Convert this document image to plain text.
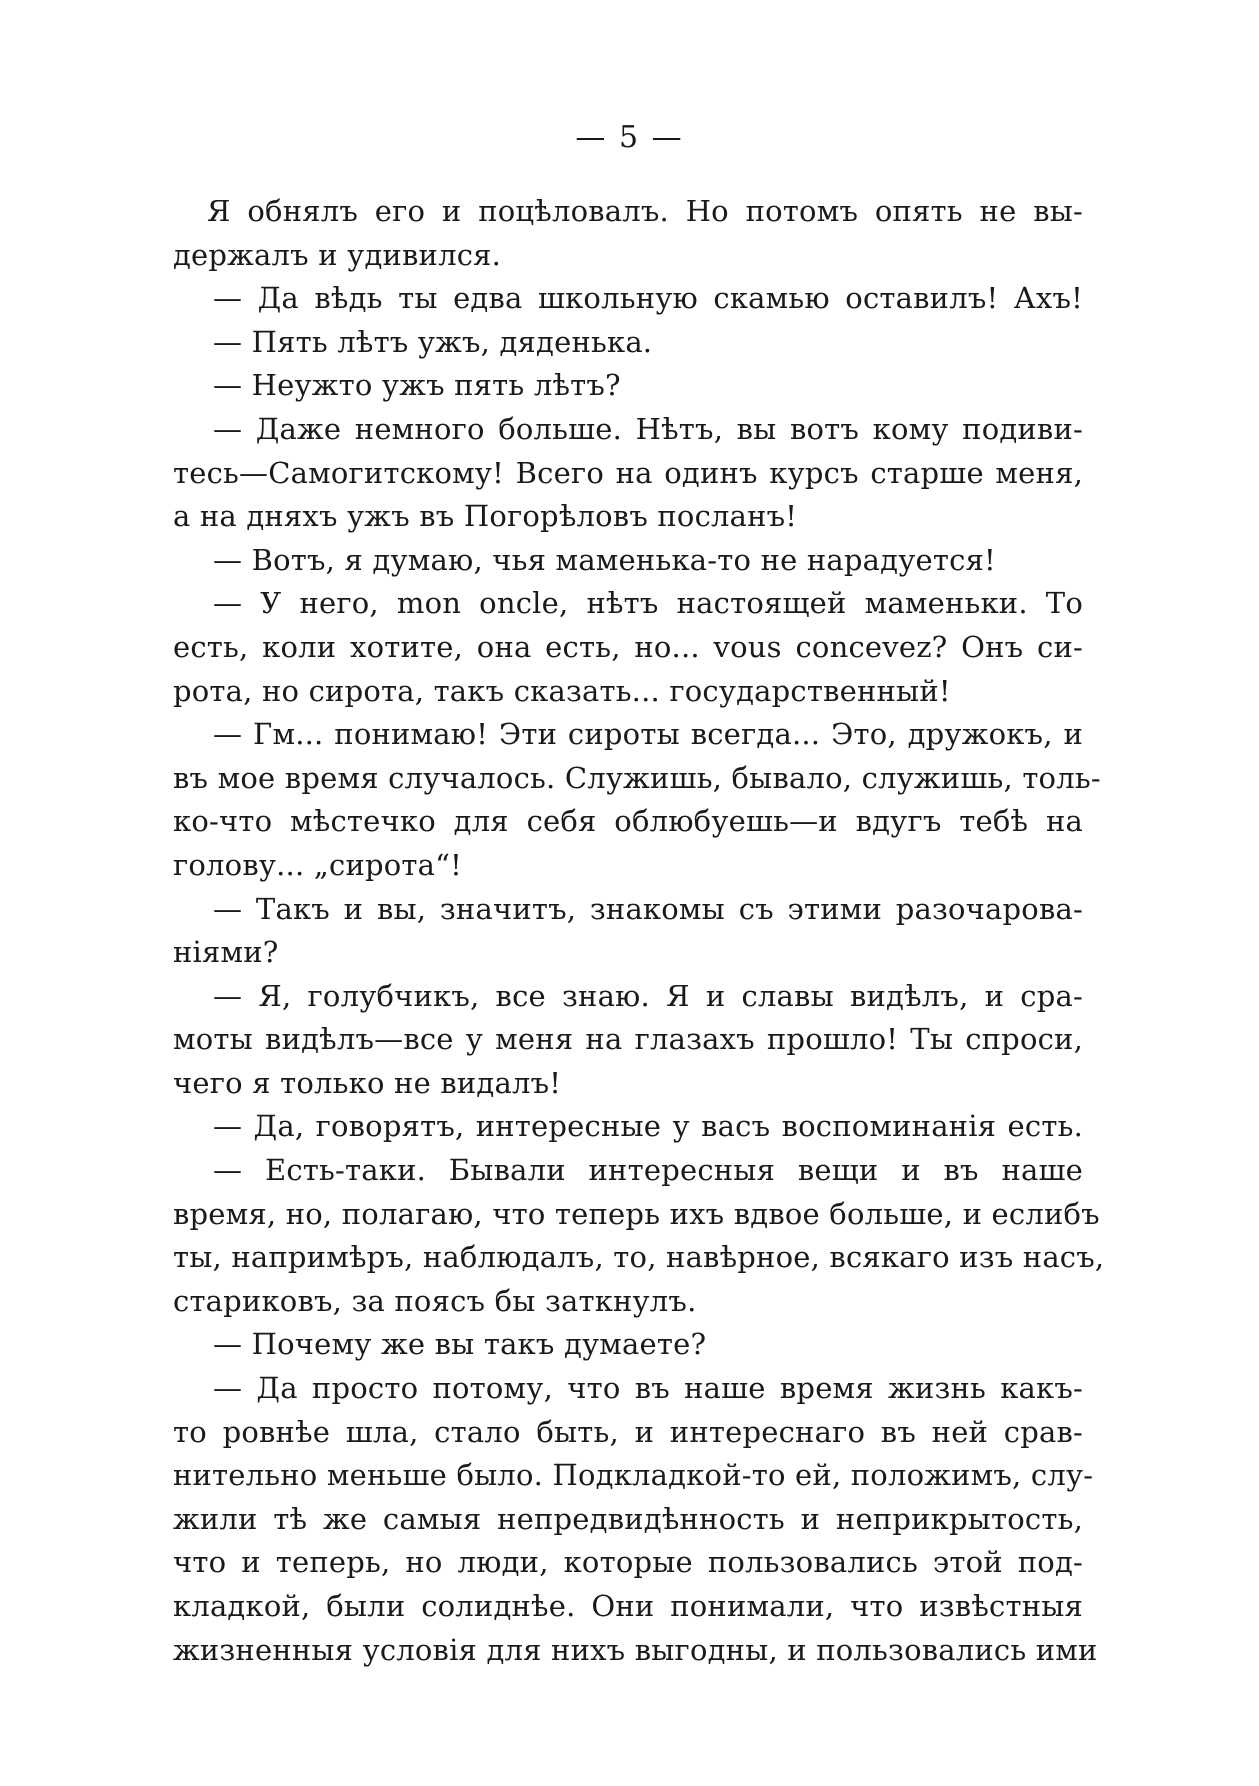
— 5 —
Я обнялъ его и поцѣловалъ. Но потомъ опять не вы-
держалъ и удивился.
— Да вѣдь ты едва школьную скамью оставилъ! Ахъ!
— Пять лѣтъ ужъ, дяденька.
— Неужто ужъ пять лѣтъ?
— Даже немного больше. Нѣтъ, вы вотъ кому подиви-
тесь—Самогитскому! Всего на одинъ курсъ старше меня,
а на дняхъ ужъ въ Погорѣловъ посланъ!
— Вотъ, я думаю, чья маменька-то не нарадуется!
— У него, mon oncle, нѣтъ настоящей маменьки. То
есть, коли хотите, она есть, но... vous concevez? Онъ си-
рота, но сирота, такъ сказать... государственный!
— Гм... понимаю! Эти сироты всегда... Это, дружокъ, и
въ мое время случалось. Служишь, бывало, служишь, толь-
ко-что мѣстечко для себя облюбуешь—и вдугъ тебѣ на
голову... „сирота“!
— Такъ и вы, значитъ, знакомы съ этими разочарова-
ніями?
— Я, голубчикъ, все знаю. Я и славы видѣлъ, и сра-
моты видѣлъ—все у меня на глазахъ прошло! Ты спроси,
чего я только не видалъ!
— Да, говорятъ, интересные у васъ воспоминанія есть.
— Есть-таки. Бывали интересныя вещи и въ наше
время, но, полагаю, что теперь ихъ вдвое больше, и еслибъ
ты, напримѣръ, наблюдалъ, то, навѣрное, всякаго изъ насъ,
стариковъ, за поясъ бы заткнулъ.
— Почему же вы такъ думаете?
— Да просто потому, что въ наше время жизнь какъ-
то ровнѣе шла, стало быть, и интереснаго въ ней срав-
нительно меньше было. Подкладкой-то ей, положимъ, слу-
жили тѣ же самыя непредвидѣнность и неприкрытость,
что и теперь, но люди, которые пользовались этой под-
кладкой, были солиднѣе. Они понимали, что извѣстныя
жизненныя условія для нихъ выгодны, и пользовались ими
